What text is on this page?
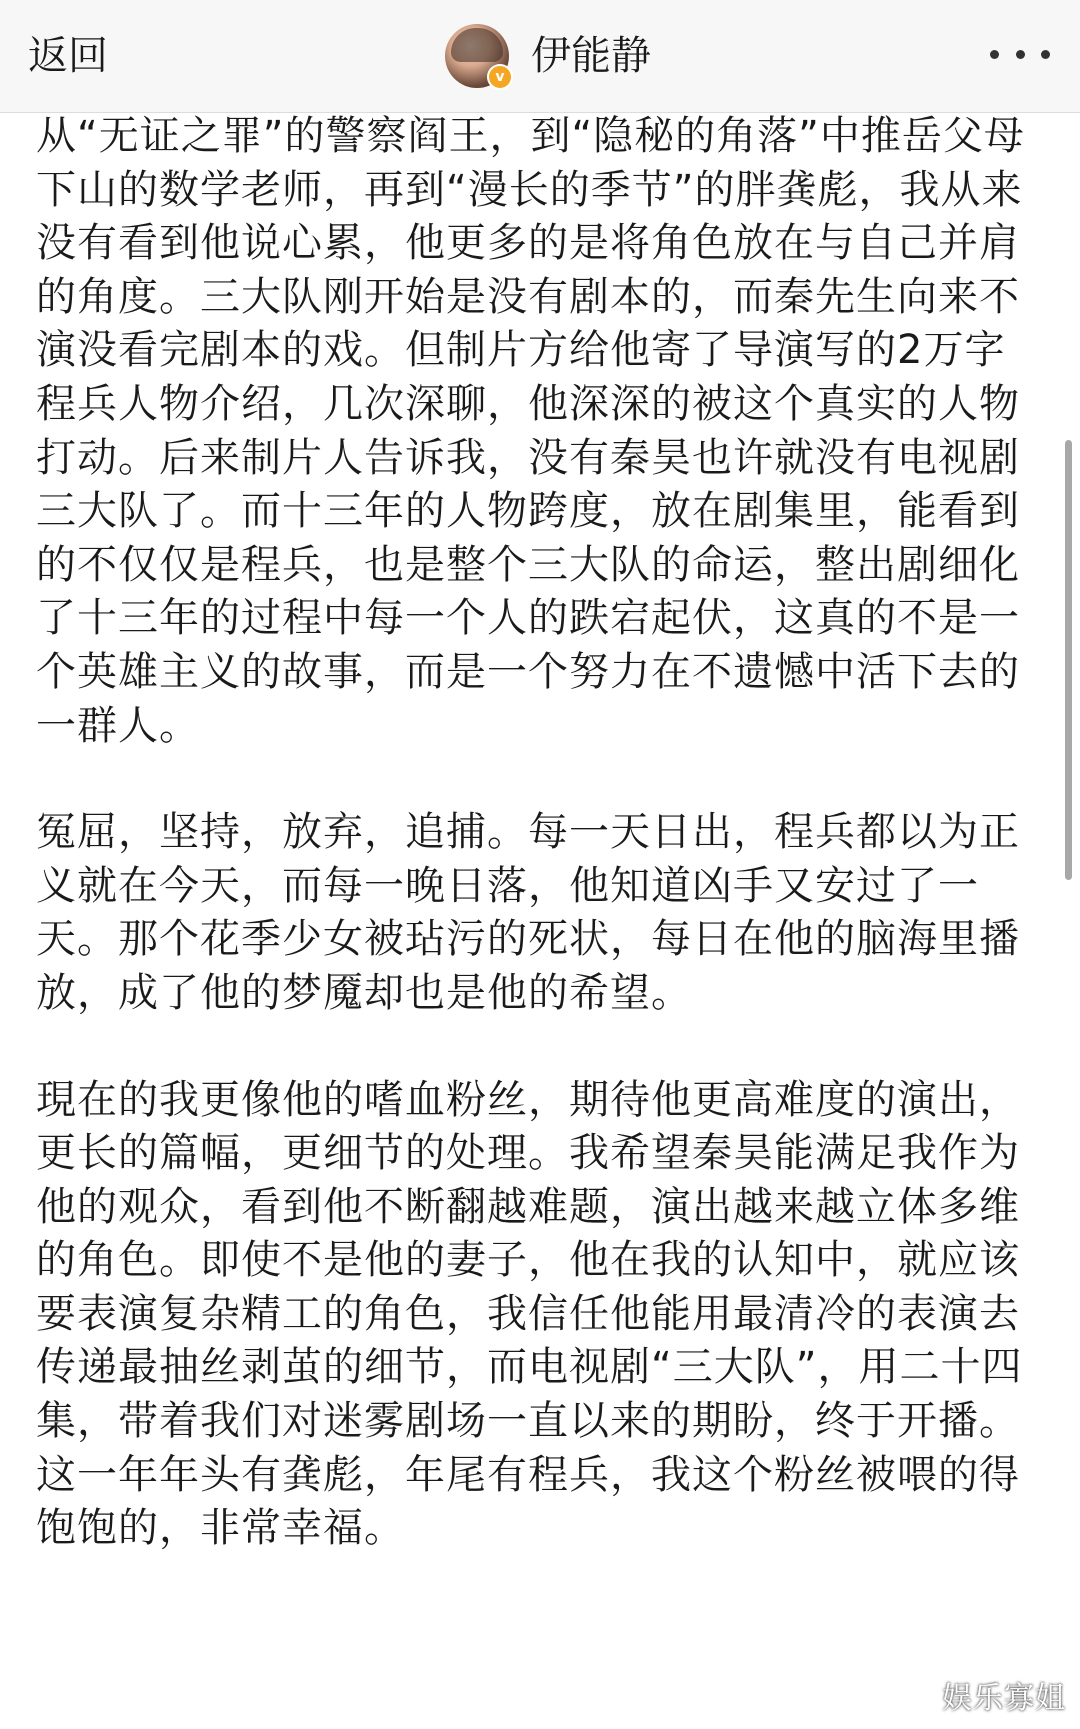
返回	v 伊能静

从“无证之罪”的警察阎王，到“隐秘的角落”中推岳父母下山的数学老师，再到“漫长的季节”的胖龚彪，我从来没有看到他说心累，他更多的是将角色放在与自己并肩的角度。三大队刚开始是没有剧本的，而秦先生向来不演没看完剧本的戏。但制片方给他寄了导演写的2万字程兵人物介绍，几次深聊，他深深的被这个真实的人物打动。后来制片人告诉我，没有秦昊也许就没有电视剧三大队了。而十三年的人物跨度，放在剧集里，能看到的不仅仅是程兵，也是整个三大队的命运，整出剧细化了十三年的过程中每一个人的跌宕起伏，这真的不是一个英雄主义的故事，而是一个努力在不遗憾中活下去的一群人。

冤屈，坚持，放弃，追捕。每一天日出，程兵都以为正义就在今天，而每一晚日落，他知道凶手又安过了一天。那个花季少女被玷污的死状，每日在他的脑海里播放，成了他的梦魇却也是他的希望。

現在的我更像他的嗜血粉丝，期待他更高难度的演出，更长的篇幅，更细节的处理。我希望秦昊能满足我作为他的观众，看到他不断翻越难题，演出越来越立体多维的角色。即使不是他的妻子，他在我的认知中，就应该要表演复杂精工的角色，我信任他能用最清冷的表演去传递最抽丝剥茧的细节，而电视剧“三大队”，用二十四集，带着我们对迷雾剧场一直以来的期盼，终于开播。这一年年头有龚彪，年尾有程兵，我这个粉丝被喂的得饱饱的，非常幸福。

娱乐寡姐
